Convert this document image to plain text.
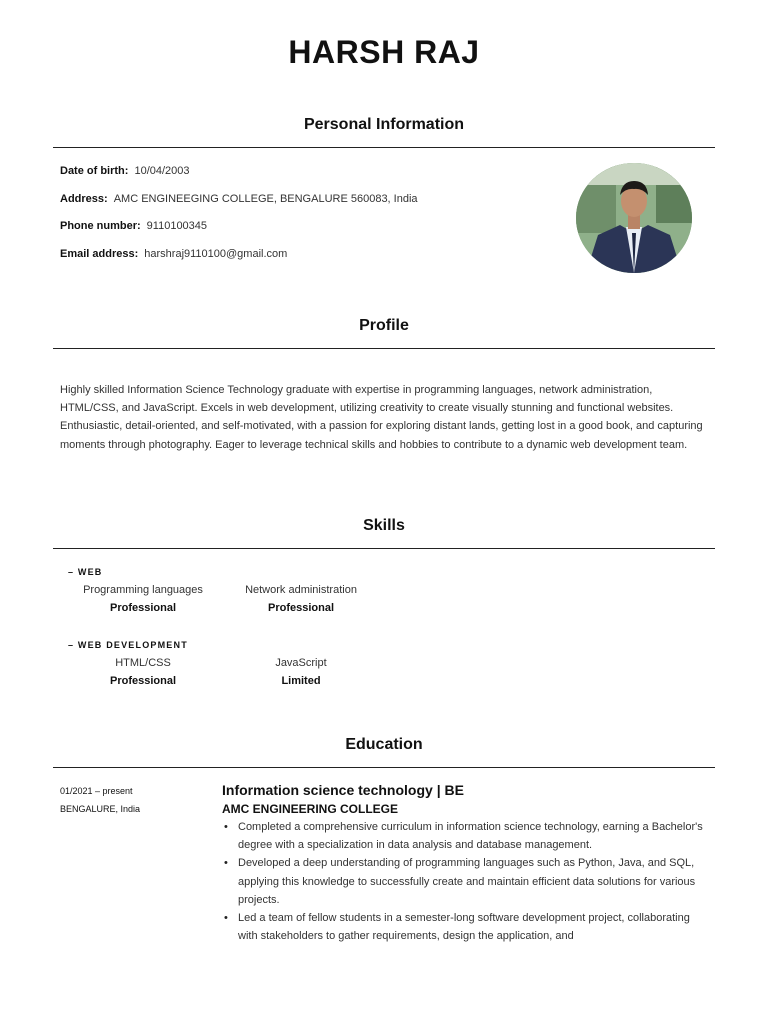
HARSH RAJ
Personal Information
Date of birth: 10/04/2003
Address: AMC ENGINEEGING COLLEGE, BENGALURE 560083, India
Phone number: 9110100345
Email address: harshraj9110100@gmail.com
Profile
Highly skilled Information Science Technology graduate with expertise in programming languages, network administration, HTML/CSS, and JavaScript. Excels in web development, utilizing creativity to create visually stunning and functional websites. Enthusiastic, detail-oriented, and self-motivated, with a passion for exploring distant lands, getting lost in a good book, and capturing moments through photography. Eager to leverage technical skills and hobbies to contribute to a dynamic web development team.
Skills
– WEB
Programming languages
Professional
Network administration
Professional
– WEB DEVELOPMENT
HTML/CSS
Professional
JavaScript
Limited
Education
01/2021 – present
BENGALURE, India
Information science technology | BE
AMC ENGINEERING COLLEGE
• Completed a comprehensive curriculum in information science technology, earning a Bachelor's degree with a specialization in data analysis and database management.
• Developed a deep understanding of programming languages such as Python, Java, and SQL, applying this knowledge to successfully create and maintain efficient data solutions for various projects.
• Led a team of fellow students in a semester-long software development project, collaborating with stakeholders to gather requirements, design the application, and
